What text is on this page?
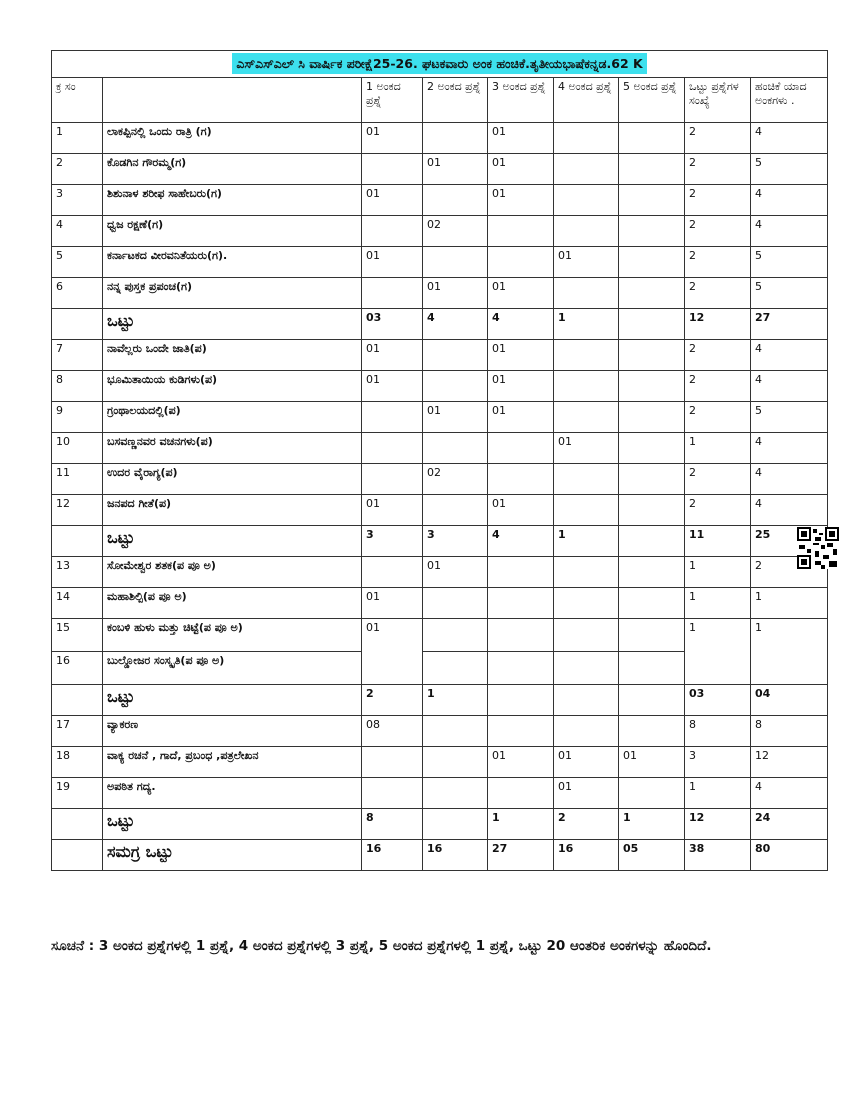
ಎಸ್ಎಸ್ಎಲ್ ಸಿ ವಾರ್ಷಿಕ ಪರೀಕ್ಷೆ25-26. ಘಟಕವಾರು ಅಂಕ ಹಂಚಿಕೆ.ತೃತೀಯಭಾಷೆಕನ್ನಡ.62 K								
ಕ್ರ ಸಂ		1 ಅಂಕದ ಪ್ರಶ್ನೆ	2 ಅಂಕದ ಪ್ರಶ್ನೆ	3 ಅಂಕದ ಪ್ರಶ್ನೆ	4 ಅಂಕದ ಪ್ರಶ್ನೆ	5 ಅಂಕದ ಪ್ರಶ್ನೆ	ಒಟ್ಟು ಪ್ರಶ್ನೆಗಳ ಸಂಖ್ಯೆ	ಹಂಚಿಕೆ ಯಾದ ಅಂಕಗಳು .
1	ಲಾಕಪ್ಪಿನಲ್ಲಿ ಒಂದು ರಾತ್ರಿ (ಗ)	01		01			2	4
2	ಕೊಡಗಿನ ಗೌರಮ್ಮ(ಗ)		01	01			2	5
3	ಶಿಶುನಾಳ ಶರೀಫ ಸಾಹೇಬರು(ಗ)	01		01			2	4
4	ಧ್ವಜ ರಕ್ಷಣೆ(ಗ)		02				2	4
5	ಕರ್ನಾಟಕದ ವೀರವನಿತೆಯರು(ಗ).	01			01		2	5
6	ನನ್ನ ಪುಸ್ತಕ ಪ್ರಪಂಚ(ಗ)		01	01			2	5
	ಒಟ್ಟು	03	4	4	1		12	27
7	ನಾವೆಲ್ಲರು ಒಂದೇ ಜಾತಿ(ಪ)	01		01			2	4
8	ಭೂಮಿತಾಯಿಯ ಕುಡಿಗಳು(ಪ)	01		01			2	4
9	ಗ್ರಂಥಾಲಯದಲ್ಲಿ(ಪ)		01	01			2	5
10	ಬಸವಣ್ಣನವರ ವಚನಗಳು(ಪ)				01		1	4
11	ಉದರ ವೈರಾಗ್ಯ(ಪ)		02				2	4
12	ಜನಪದ ಗೀತೆ(ಪ)	01		01			2	4
	ಒಟ್ಟು	3	3	4	1		11	25
13	ಸೋಮೇಶ್ವರ ಶತಕ(ಪ ಪೂ ಅ)		01				1	2
14	ಮಹಾಶಿಲ್ಪಿ(ಪ ಪೂ ಅ)	01					1	1
15	ಕಂಬಳಿ ಹುಳು ಮತ್ತು ಚಿಟ್ಟೆ(ಪ ಪೂ ಅ)	01					1	1
16	ಬುಲ್ಡೋಜರ ಸಂಸ್ಕೃತಿ(ಪ ಪೂ ಅ)							
	ಒಟ್ಟು	2	1				03	04
17	ವ್ಯಾಕರಣ	08					8	8
18	ವಾಕ್ಯ ರಚನೆ , ಗಾದೆ, ಪ್ರಬಂಧ ,ಪತ್ರಲೇಖನ			01	01	01	3	12
19	ಅಪಠಿತ ಗದ್ಯ.				01		1	4
	ಒಟ್ಟು	8		1	2	1	12	24
	ಸಮಗ್ರ ಒಟ್ಟು	16	16	27	16	05	38	80
ಸೂಚನೆ : 3 ಅಂಕದ ಪ್ರಶ್ನೆಗಳಲ್ಲಿ 1 ಪ್ರಶ್ನೆ, 4 ಅಂಕದ ಪ್ರಶ್ನೆಗಳಲ್ಲಿ 3 ಪ್ರಶ್ನೆ, 5 ಅಂಕದ ಪ್ರಶ್ನೆಗಳಲ್ಲಿ 1 ಪ್ರಶ್ನೆ, ಒಟ್ಟು 20 ಆಂತರಿಕ ಅಂಕಗಳನ್ನು ಹೊಂದಿದೆ.
